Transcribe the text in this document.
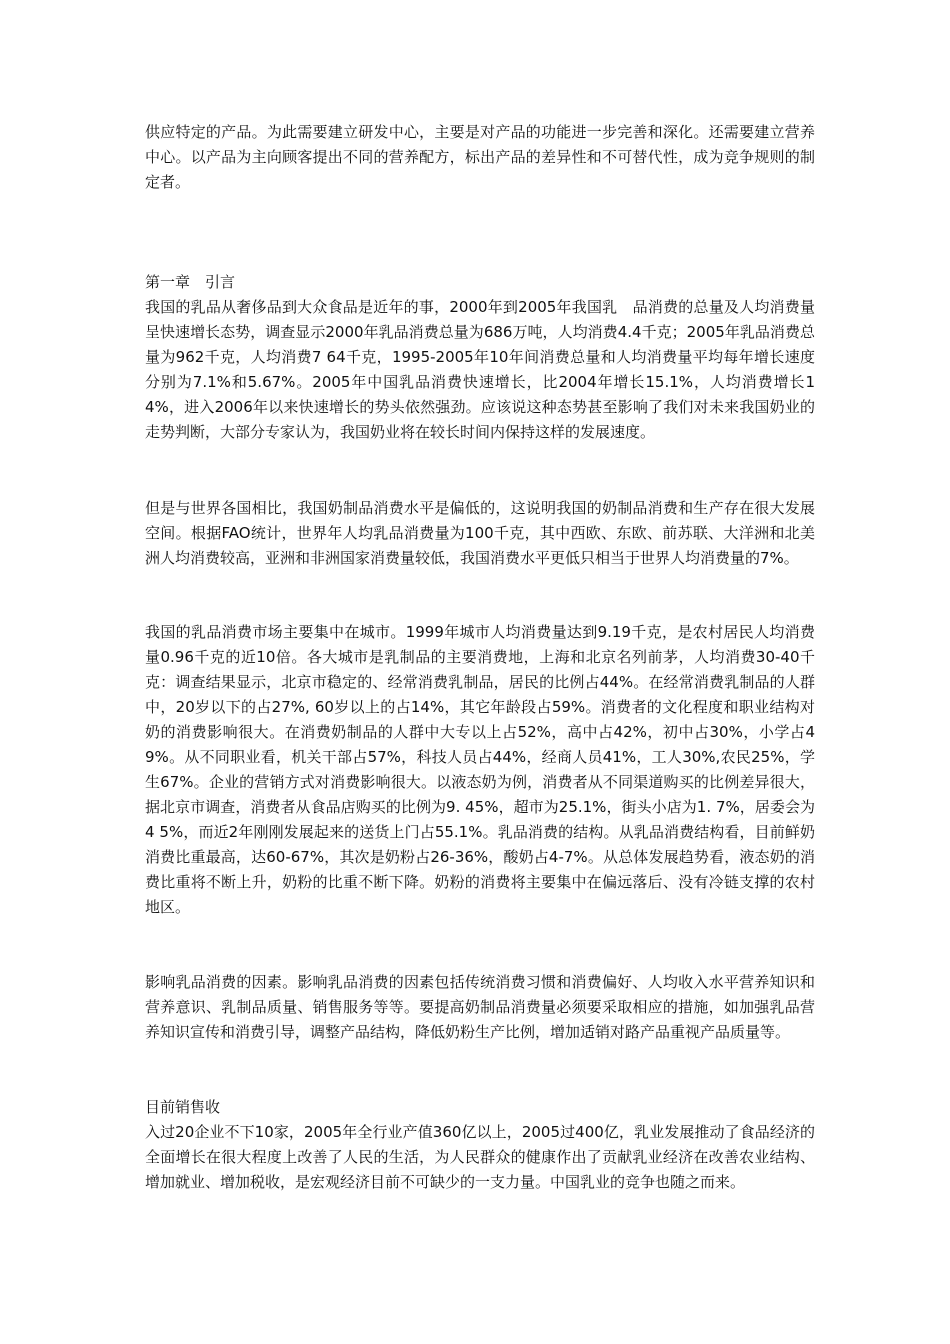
供应特定的产品。为此需要建立研发中心，主要是对产品的功能进一步完善和深化。还需要建立营养中心。以产品为主向顾客提出不同的营养配方，标出产品的差异性和不可替代性，成为竞争规则的制定者。
第一章　引言
我国的乳品从奢侈品到大众食品是近年的事，2000年到2005年我国乳　品消费的总量及人均消费量呈快速增长态势，调查显示2000年乳品消费总量为686万吨，人均消费4.4千克；2005年乳品消费总量为962千克，人均消费7 64千克，1995-2005年10年间消费总量和人均消费量平均每年增长速度分别为7.1%和5.67%。2005年中国乳品消费快速增长，比2004年增长15.1%，人均消费增长14%，进入2006年以来快速增长的势头依然强劲。应该说这种态势甚至影响了我们对未来我国奶业的走势判断，大部分专家认为，我国奶业将在较长时间内保持这样的发展速度。
但是与世界各国相比，我国奶制品消费水平是偏低的，这说明我国的奶制品消费和生产存在很大发展空间。根据FAO统计，世界年人均乳品消费量为100千克，其中西欧、东欧、前苏联、大洋洲和北美洲人均消费较高，亚洲和非洲国家消费量较低，我国消费水平更低只相当于世界人均消费量的7%。
我国的乳品消费市场主要集中在城市。1999年城市人均消费量达到9.19千克，是农村居民人均消费量0.96千克的近10倍。各大城市是乳制品的主要消费地，上海和北京名列前茅，人均消费30-40千克：调查结果显示，北京市稳定的、经常消费乳制品，居民的比例占44%。在经常消费乳制品的人群中，20岁以下的占27%, 60岁以上的占14%，其它年龄段占59%。消费者的文化程度和职业结构对奶的消费影响很大。在消费奶制品的人群中大专以上占52%，高中占42%，初中占30%，小学占49%。从不同职业看，机关干部占57%，科技人员占44%，经商人员41%，工人30%,农民25%，学生67%。企业的营销方式对消费影响很大。以液态奶为例，消费者从不同渠道购买的比例差异很大，据北京市调查，消费者从食品店购买的比例为9. 45%，超市为25.1%，街头小店为1. 7%，居委会为4 5%，而近2年刚刚发展起来的送货上门占55.1%。乳品消费的结构。从乳品消费结构看，目前鲜奶消费比重最高，达60-67%，其次是奶粉占26-36%，酸奶占4-7%。从总体发展趋势看，液态奶的消费比重将不断上升，奶粉的比重不断下降。奶粉的消费将主要集中在偏远落后、没有冷链支撑的农村地区。
影响乳品消费的因素。影响乳品消费的因素包括传统消费习惯和消费偏好、人均收入水平营养知识和营养意识、乳制品质量、销售服务等等。要提高奶制品消费量必须要采取相应的措施，如加强乳品营养知识宣传和消费引导，调整产品结构，降低奶粉生产比例，增加适销对路产品重视产品质量等。
目前销售收
入过20企业不下10家，2005年全行业产值360亿以上，2005过400亿，乳业发展推动了食品经济的全面增长在很大程度上改善了人民的生活，为人民群众的健康作出了贡献乳业经济在改善农业结构、增加就业、增加税收，是宏观经济目前不可缺少的一支力量。中国乳业的竞争也随之而来。
